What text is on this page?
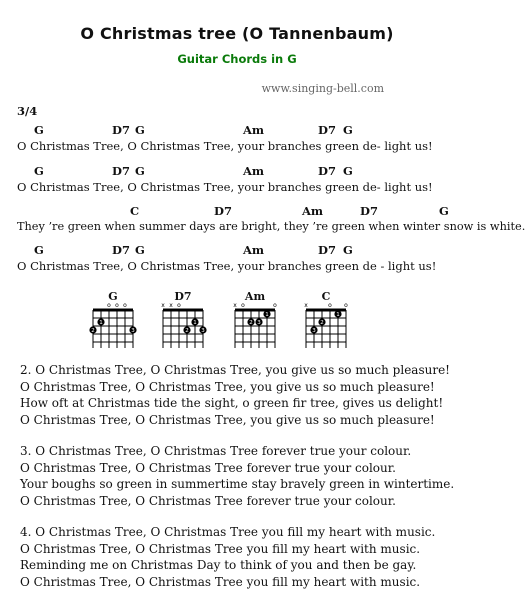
O Christmas tree (O Tannenbaum)
Guitar Chords in G
www.singing-bell.com
3/4
G	D7 G	Am	D7 G
O Christmas Tree, O Christmas Tree, your branches green de- light us!
G	D7 G	Am	D7 G
O Christmas Tree, O Christmas Tree, your branches green de- light us!
C	D7	Am	D7	G
They ’re green when summer days are bright, they ’re green when winter snow is white.
G	D7 G	Am	D7 G
O Christmas Tree, O Christmas Tree, your branches green de - light us!
G
o o o
1
2	3
D7
x x o
1
2 3
Am
x o	o
1
2 3
C
x	o o
1
2
3
2. O Christmas Tree, O Christmas Tree, you give us so much pleasure!
O Christmas Tree, O Christmas Tree, you give us so much pleasure!
How oft at Christmas tide the sight, o green fir tree, gives us delight!
O Christmas Tree, O Christmas Tree, you give us so much pleasure!
3. O Christmas Tree, O Christmas Tree forever true your colour.
O Christmas Tree, O Christmas Tree forever true your colour.
Your boughs so green in summertime stay bravely green in wintertime.
O Christmas Tree, O Christmas Tree forever true your colour.
4. O Christmas Tree, O Christmas Tree you fill my heart with music.
O Christmas Tree, O Christmas Tree you fill my heart with music.
Reminding me on Christmas Day to think of you and then be gay.
O Christmas Tree, O Christmas Tree you fill my heart with music.
